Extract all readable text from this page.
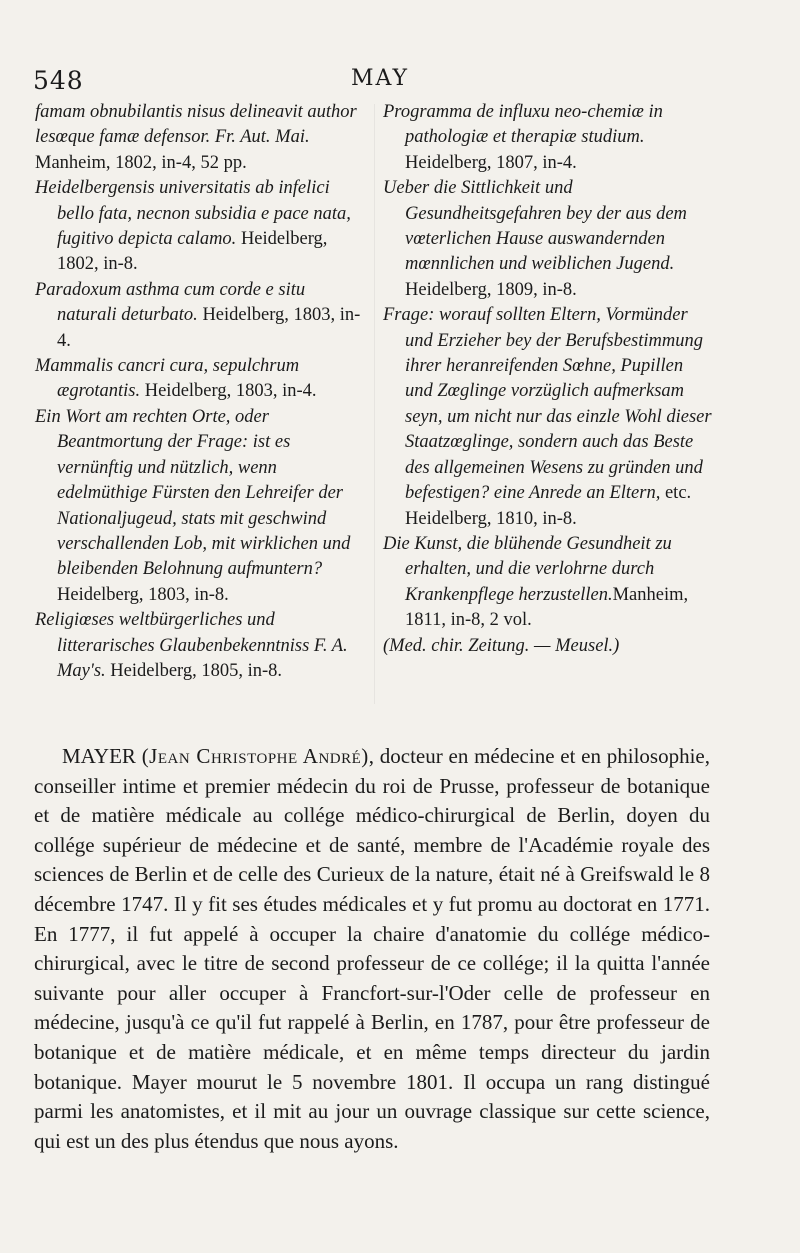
548	MAY

famam obnubilantis nisus delineavit author lesœque famæ defensor. Fr. Aut. Mai. Manheim, 1802, in-4, 52 pp.

Heidelbergensis universitatis ab infelici bello fata, necnon subsidia e pace nata, fugitivo depicta calamo. Heidelberg, 1802, in-8.

Paradoxum asthma cum corde e situ naturali deturbato. Heidelberg, 1803, in-4.

Mammalis cancri cura, sepulchrum ægrotantis. Heidelberg, 1803, in-4.

Ein Wort am rechten Orte, oder Beantmortung der Frage: ist es vernünftig und nützlich, wenn edelmüthige Fürsten den Lehreifer der Nationaljugeud, stats mit geschwind verschallenden Lob, mit wirklichen und bleibenden Belohnung aufmuntern? Heidelberg, 1803, in-8.

Religiœses weltbürgerliches und litterarisches Glaubenbekenntniss F. A. May's. Heidelberg, 1805, in-8.

Programma de influxu neo-chemiæ in pathologiæ et therapiæ studium. Heidelberg, 1807, in-4.

Ueber die Sittlichkeit und Gesundheitsgefahren bey der aus dem vœterlichen Hause auswandernden mœnnlichen und weiblichen Jugend. Heidelberg, 1809, in-8.

Frage: worauf sollten Eltern, Vormünder und Erzieher bey der Berufsbestimmung ihrer heranreifenden Sœhne, Pupillen und Zœglinge vorzüglich aufmerksam seyn, um nicht nur das einzle Wohl dieser Staatzœglinge, sondern auch das Beste des allgemeinen Wesens zu gründen und befestigen? eine Anrede an Eltern, etc. Heidelberg, 1810, in-8.

Die Kunst, die blühende Gesundheit zu erhalten, und die verlohrne durch Krankenpflege herzustellen.Manheim, 1811, in-8, 2 vol.

(Med. chir. Zeitung. — Meusel.)

MAYER (Jean Christophe André), docteur en médecine et en philosophie, conseiller intime et premier médecin du roi de Prusse, professeur de botanique et de matière médicale au collége médico-chirurgical de Berlin, doyen du collége supérieur de médecine et de santé, membre de l'Académie royale des sciences de Berlin et de celle des Curieux de la nature, était né à Greifswald le 8 décembre 1747. Il y fit ses études médicales et y fut promu au doctorat en 1771. En 1777, il fut appelé à occuper la chaire d'anatomie du collége médico-chirurgical, avec le titre de second professeur de ce collége; il la quitta l'année suivante pour aller occuper à Francfort-sur-l'Oder celle de professeur en médecine, jusqu'à ce qu'il fut rappelé à Berlin, en 1787, pour être professeur de botanique et de matière médicale, et en même temps directeur du jardin botanique. Mayer mourut le 5 novembre 1801. Il occupa un rang distingué parmi les anatomistes, et il mit au jour un ouvrage classique sur cette science, qui est un des plus étendus que nous ayons.
